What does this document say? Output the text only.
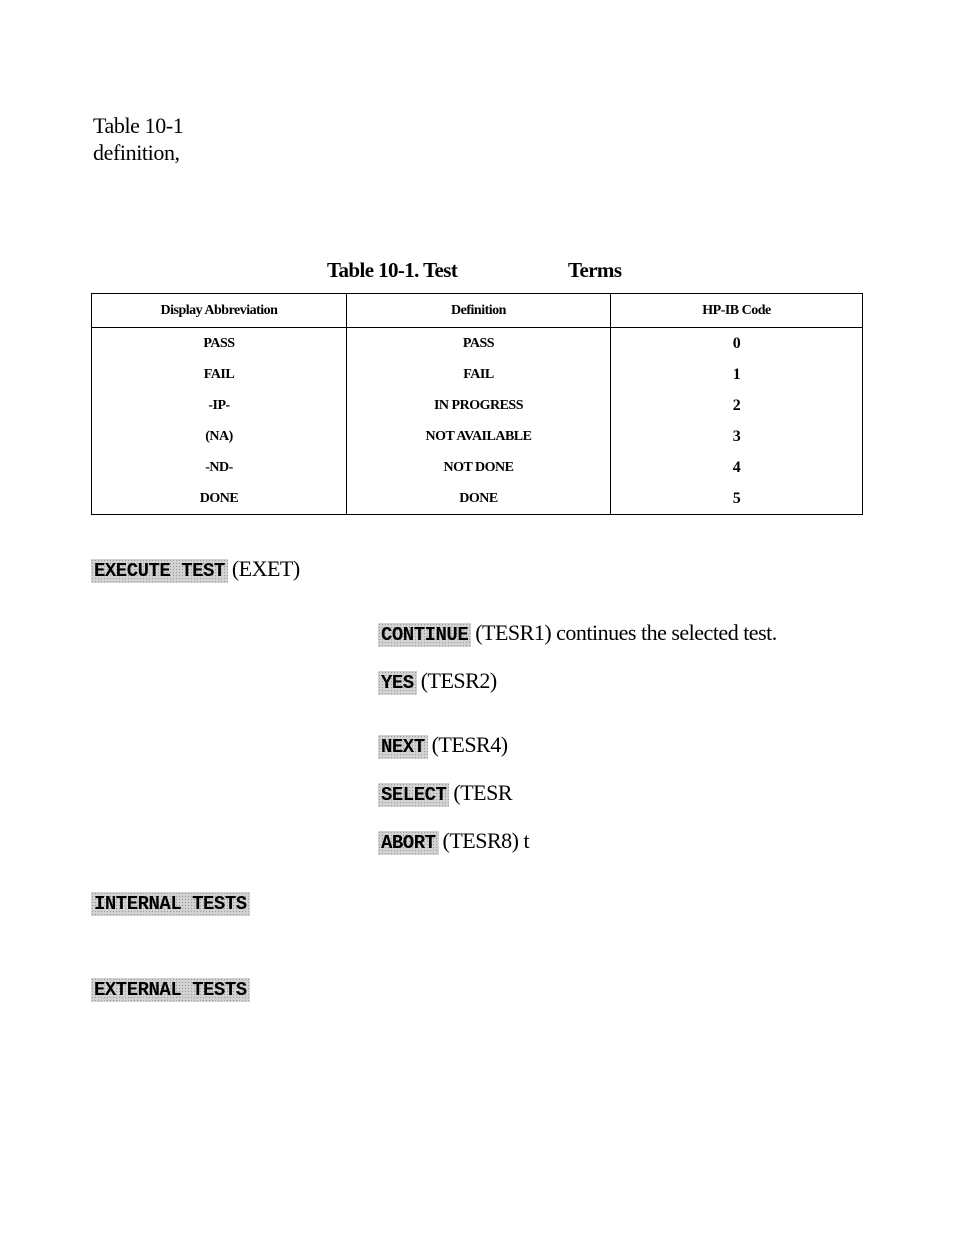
Table 10-1
definition,
Table 10-1. Test	Terms
Display Abbreviation	Definition	HP-IB Code
PASS	PASS	0
FAIL	FAIL	1
-IP-	IN PROGRESS	2
(NA)	NOT AVAILABLE	3
-ND-	NOT DONE	4
DONE	DONE	5
EXECUTE TEST (EXET)
CONTINUE (TESR1) continues the selected test.
YES (TESR2)
NEXT (TESR4)
SELECT (TESR
ABORT (TESR8) t
INTERNAL TESTS
EXTERNAL TESTS
